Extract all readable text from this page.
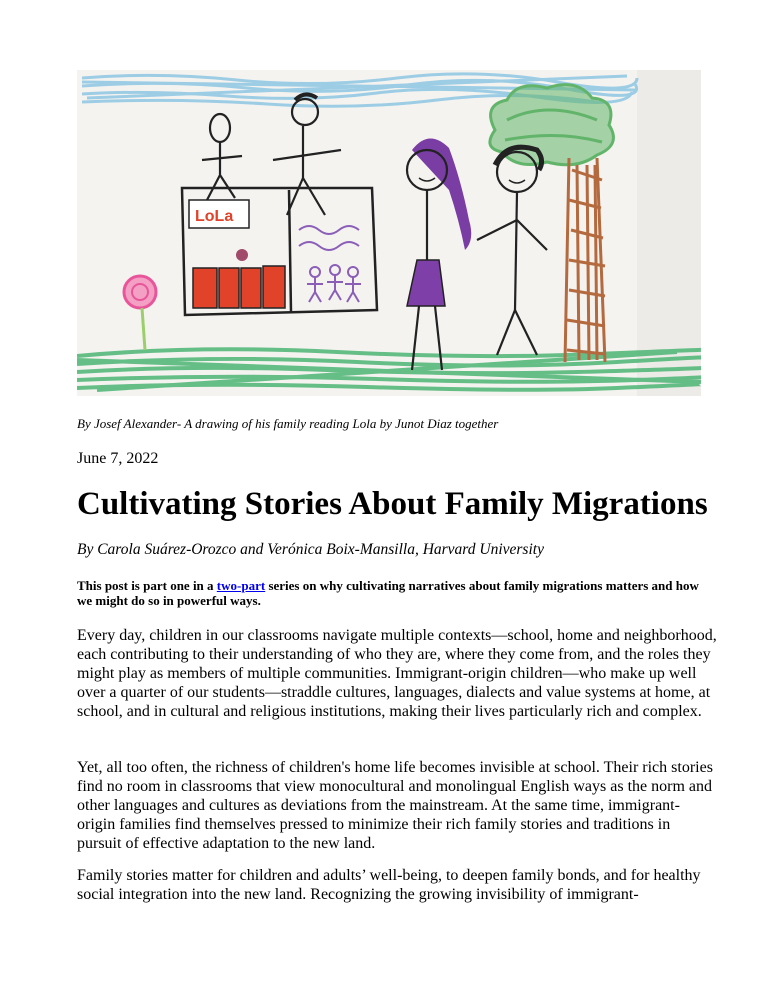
LoLa

By Josef Alexander- A drawing of his family reading Lola by Junot Diaz together

June 7, 2022

Cultivating Stories About Family Migrations

By Carola Suárez-Orozco and Verónica Boix-Mansilla, Harvard University

This post is part one in a two-part series on why cultivating narratives about family migrations matters and how we might do so in powerful ways.

Every day, children in our classrooms navigate multiple contexts—school, home and neighborhood, each contributing to their understanding of who they are, where they come from, and the roles they might play as members of multiple communities. Immigrant-origin children—who make up well over a quarter of our students—straddle cultures, languages, dialects and value systems at home, at school, and in cultural and religious institutions, making their lives particularly rich and complex.

Yet, all too often, the richness of children's home life becomes invisible at school. Their rich stories find no room in classrooms that view monocultural and monolingual English ways as the norm and other languages and cultures as deviations from the mainstream. At the same time, immigrant-origin families find themselves pressed to minimize their rich family stories and traditions in pursuit of effective adaptation to the new land.

Family stories matter for children and adults’ well-being, to deepen family bonds, and for healthy social integration into the new land. Recognizing the growing invisibility of immigrant-
